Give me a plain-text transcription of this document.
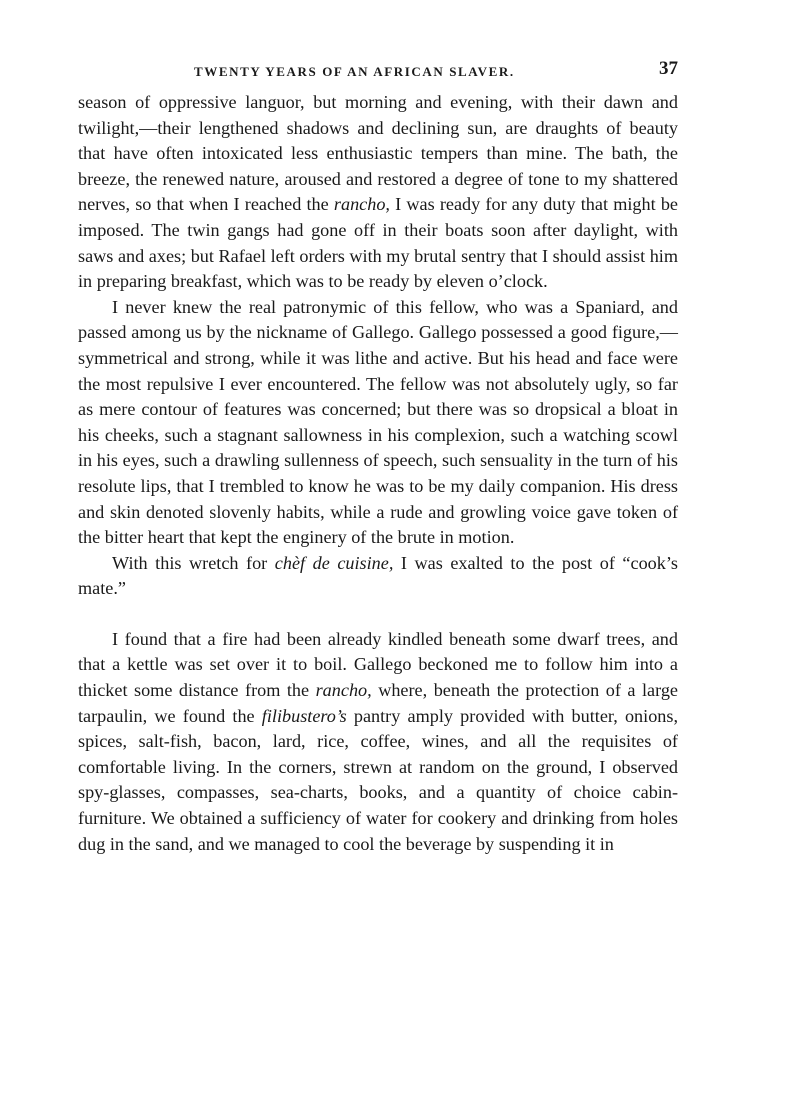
TWENTY YEARS OF AN AFRICAN SLAVER.	37

season of oppressive languor, but morning and evening, with their dawn and twilight,—their lengthened shadows and declining sun, are draughts of beauty that have often intoxicated less enthusiastic tempers than mine. The bath, the breeze, the renewed nature, aroused and restored a degree of tone to my shattered nerves, so that when I reached the rancho, I was ready for any duty that might be imposed. The twin gangs had gone off in their boats soon after daylight, with saws and axes; but Rafael left orders with my brutal sentry that I should assist him in preparing breakfast, which was to be ready by eleven o’clock.

I never knew the real patronymic of this fellow, who was a Spaniard, and passed among us by the nickname of Gallego. Gallego possessed a good figure,—symmetrical and strong, while it was lithe and active. But his head and face were the most repulsive I ever encountered. The fellow was not absolutely ugly, so far as mere contour of features was concerned; but there was so dropsical a bloat in his cheeks, such a stagnant sallowness in his complexion, such a watching scowl in his eyes, such a drawling sullenness of speech, such sensuality in the turn of his resolute lips, that I trembled to know he was to be my daily companion. His dress and skin denoted slovenly habits, while a rude and growling voice gave token of the bitter heart that kept the enginery of the brute in motion.

With this wretch for chèf de cuisine, I was exalted to the post of “cook’s mate.”

I found that a fire had been already kindled beneath some dwarf trees, and that a kettle was set over it to boil. Gallego beckoned me to follow him into a thicket some distance from the rancho, where, beneath the protection of a large tarpaulin, we found the filibustero’s pantry amply provided with butter, onions, spices, salt-fish, bacon, lard, rice, coffee, wines, and all the requisites of comfortable living. In the corners, strewn at random on the ground, I observed spy-glasses, compasses, sea-charts, books, and a quantity of choice cabin-furniture. We obtained a sufficiency of water for cookery and drinking from holes dug in the sand, and we managed to cool the beverage by suspending it in
